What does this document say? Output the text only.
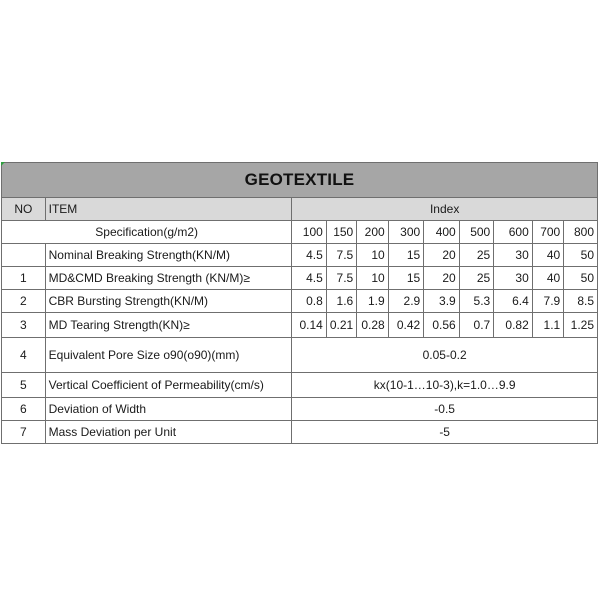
GEOTEXTILE										
NO	ITEM	Index								
Specification(g/m2)		100	150	200	300	400	500	600	700	800
	Nominal Breaking Strength(KN/M)	4.5	7.5	10	15	20	25	30	40	50
1	MD&CMD Breaking Strength (KN/M)≥	4.5	7.5	10	15	20	25	30	40	50
2	CBR Bursting Strength(KN/M)	0.8	1.6	1.9	2.9	3.9	5.3	6.4	7.9	8.5
3	MD Tearing Strength(KN)≥	0.14	0.21	0.28	0.42	0.56	0.7	0.82	1.1	1.25
4	Equivalent Pore Size o90(o90)(mm)	0.05-0.2								
5	Vertical Coefficient of Permeability(cm/s)	kx(10-1…10-3),k=1.0…9.9								
6	Deviation of Width	-0.5								
7	Mass Deviation per Unit	-5								
